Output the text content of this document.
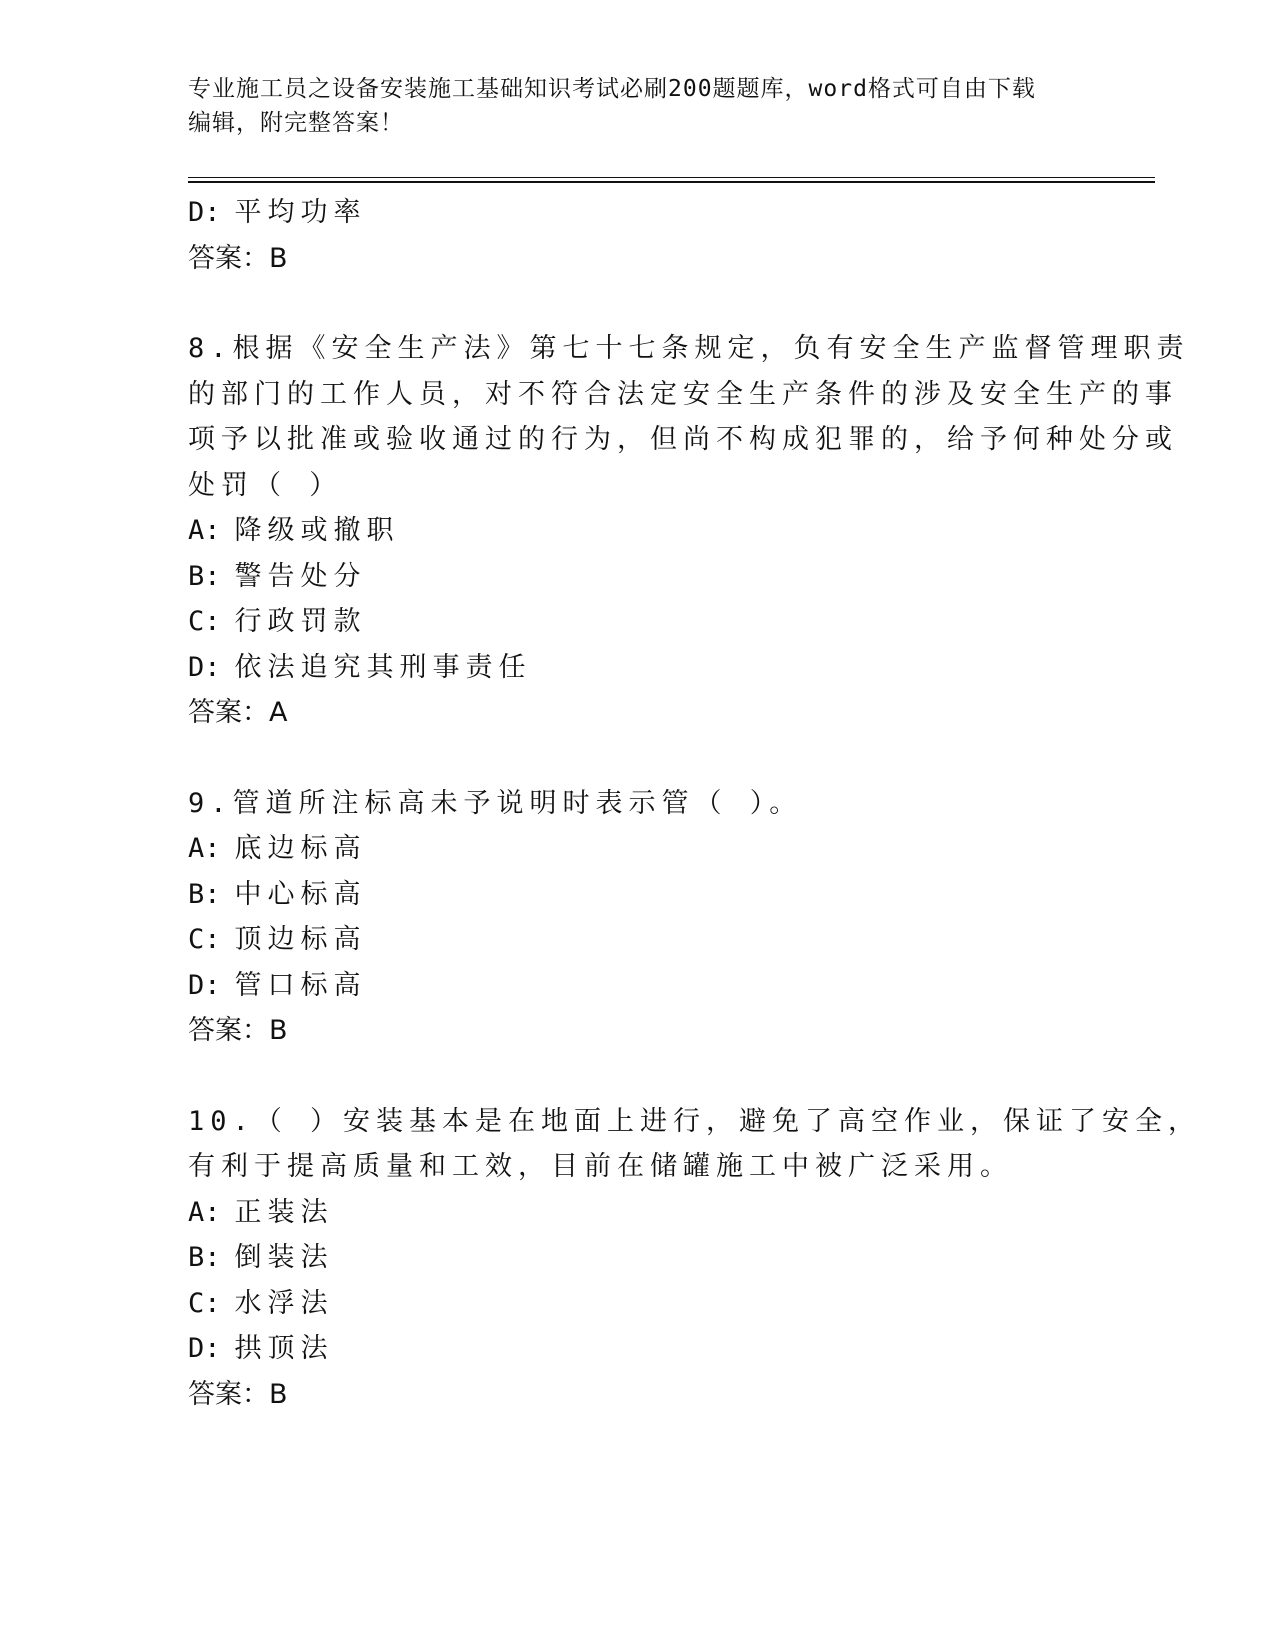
专业施工员之设备安装施工基础知识考试必刷200题题库，word格式可自由下载
编辑，附完整答案！
D: 平均功率
答案：B
8.根据《安全生产法》第七十七条规定，负有安全生产监督管理职责
的部门的工作人员，对不符合法定安全生产条件的涉及安全生产的事
项予以批准或验收通过的行为，但尚不构成犯罪的，给予何种处分或
处罚（ ）
A: 降级或撤职
B: 警告处分
C: 行政罚款
D: 依法追究其刑事责任
答案：A
9.管道所注标高未予说明时表示管（ ）。
A: 底边标高
B: 中心标高
C: 顶边标高
D: 管口标高
答案：B
10.（ ）安装基本是在地面上进行，避免了高空作业，保证了安全，
有利于提高质量和工效，目前在储罐施工中被广泛采用。
A: 正装法
B: 倒装法
C: 水浮法
D: 拱顶法
答案：B
